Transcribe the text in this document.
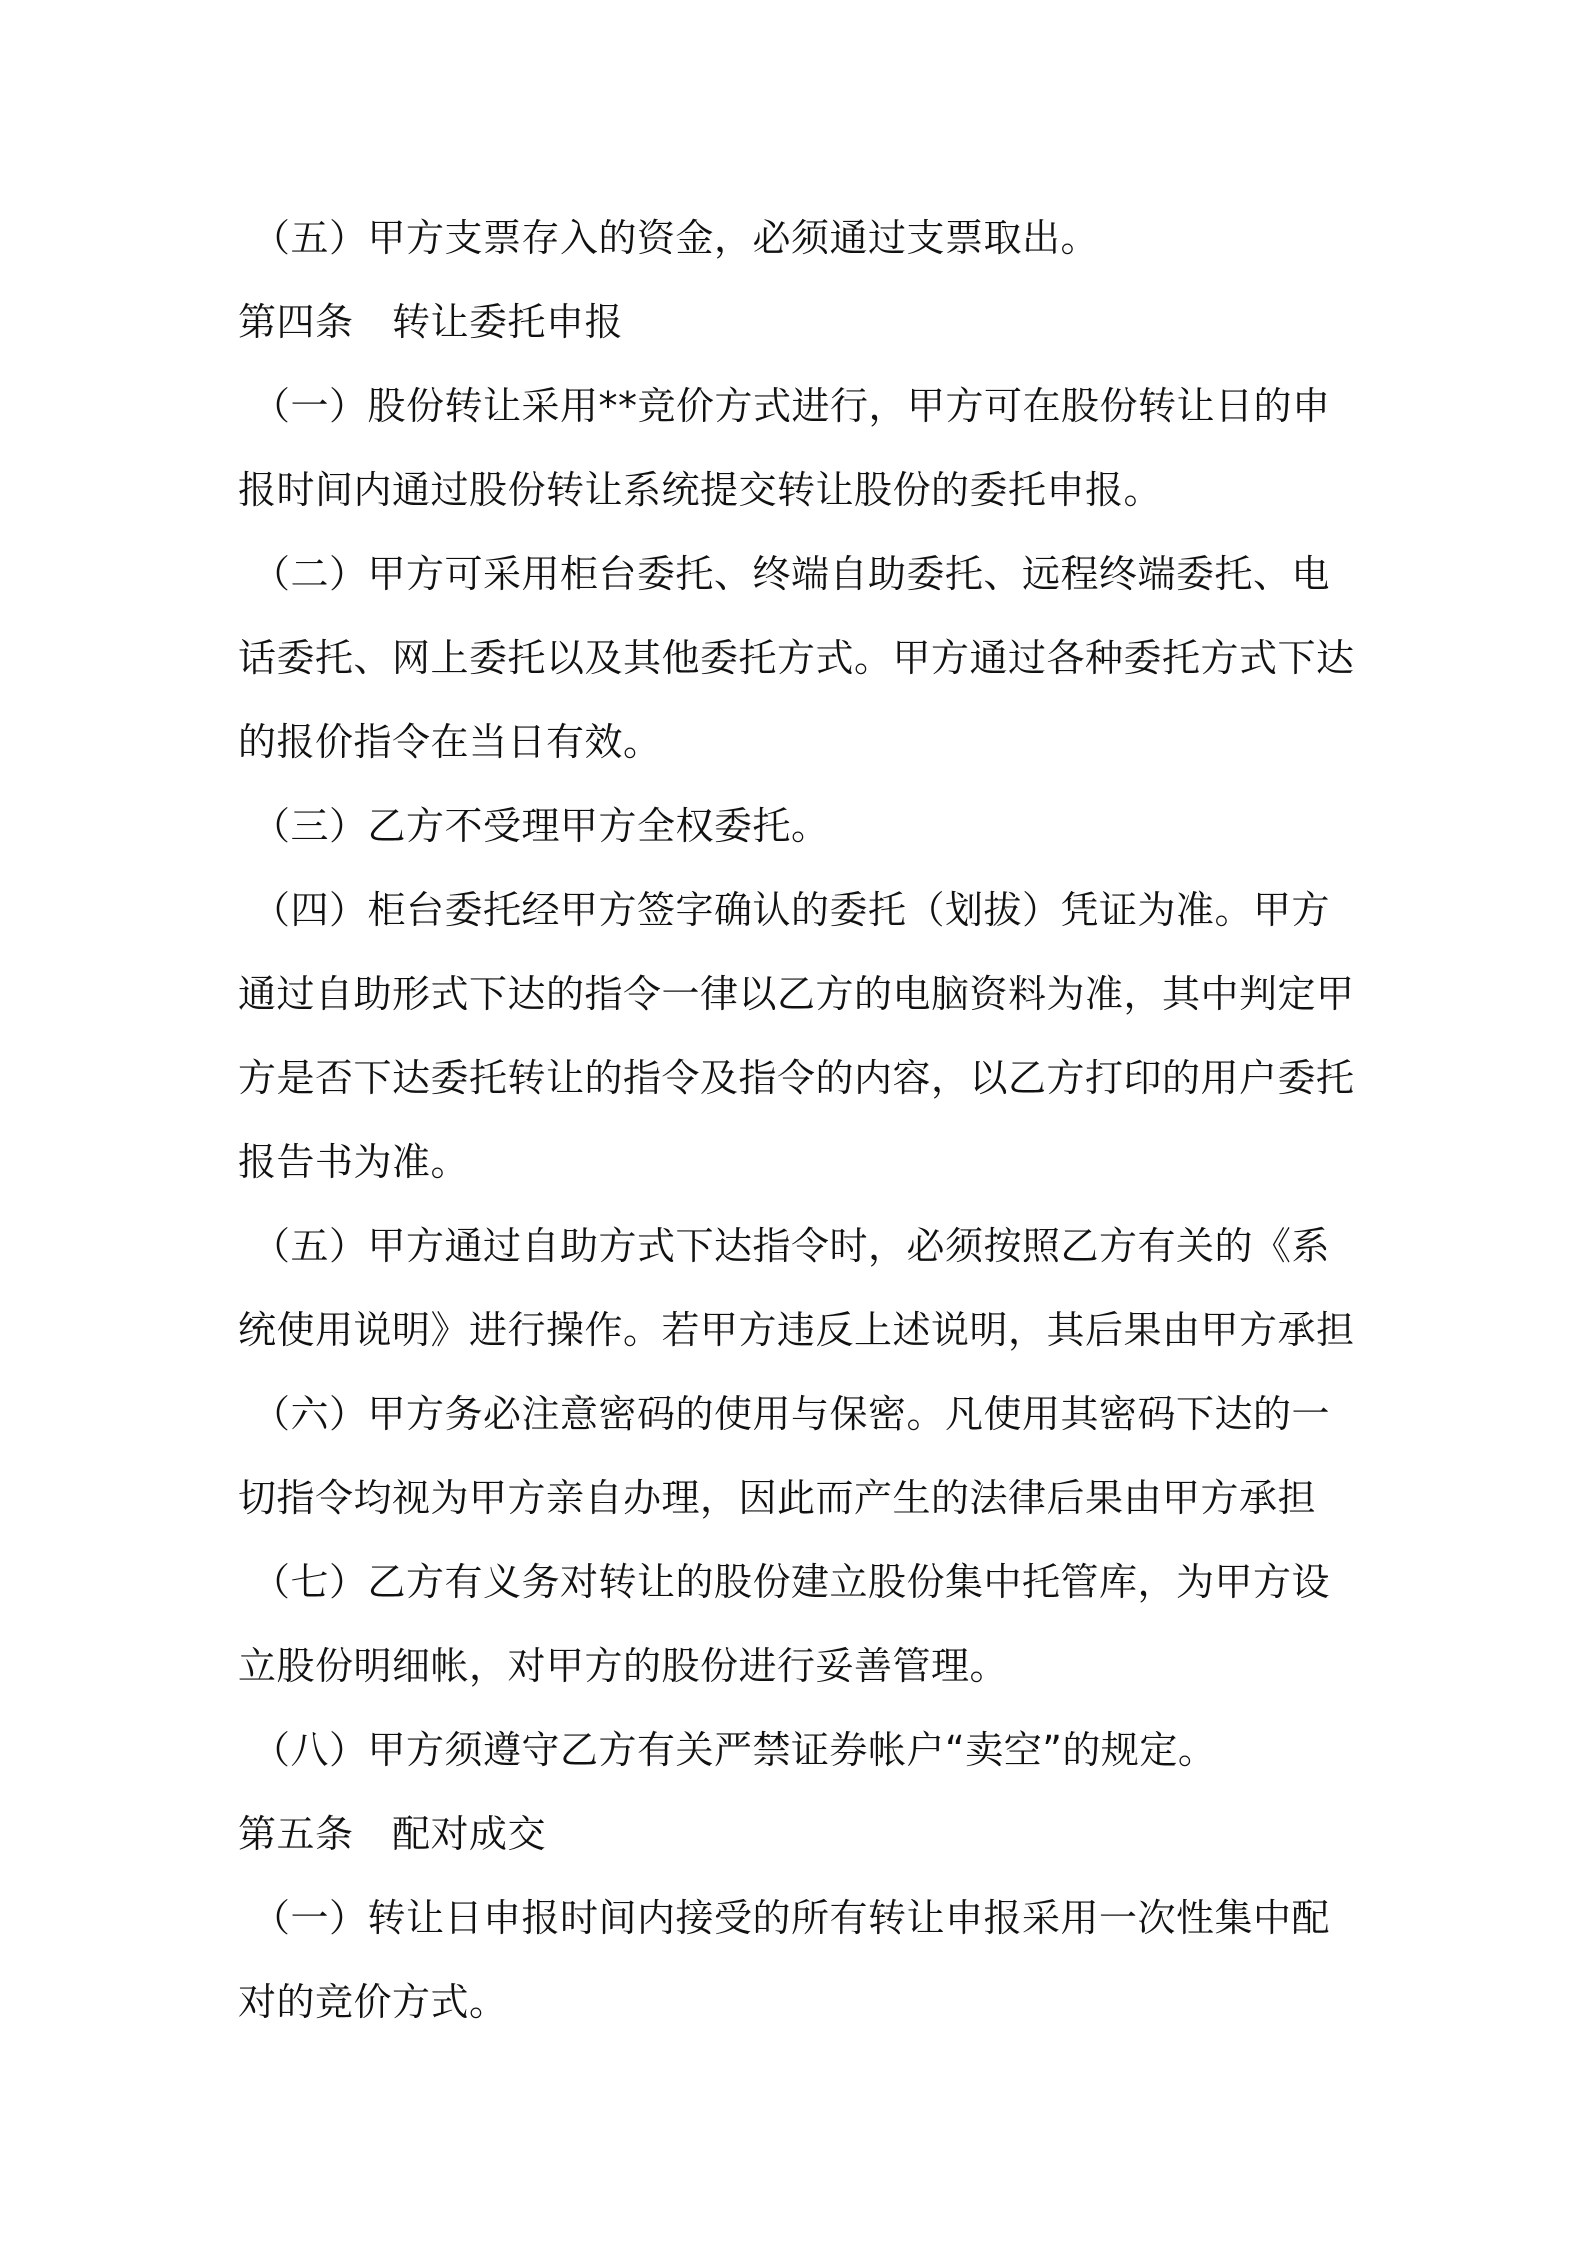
（五）甲方支票存入的资金，必须通过支票取出。

第四条　转让委托申报

（一）股份转让采用**竞价方式进行，甲方可在股份转让日的申报时间内通过股份转让系统提交转让股份的委托申报。

（二）甲方可采用柜台委托、终端自助委托、远程终端委托、电话委托、网上委托以及其他委托方式。甲方通过各种委托方式下达的报价指令在当日有效。

（三）乙方不受理甲方全权委托。

（四）柜台委托经甲方签字确认的委托（划拔）凭证为准。甲方通过自助形式下达的指令一律以乙方的电脑资料为准，其中判定甲方是否下达委托转让的指令及指令的内容，以乙方打印的用户委托报告书为准。

（五）甲方通过自助方式下达指令时，必须按照乙方有关的《系统使用说明》进行操作。若甲方违反上述说明，其后果由甲方承担

（六）甲方务必注意密码的使用与保密。凡使用其密码下达的一切指令均视为甲方亲自办理，因此而产生的法律后果由甲方承担

（七）乙方有义务对转让的股份建立股份集中托管库，为甲方设立股份明细帐，对甲方的股份进行妥善管理。

（八）甲方须遵守乙方有关严禁证券帐户“卖空”的规定。

第五条　配对成交

（一）转让日申报时间内接受的所有转让申报采用一次性集中配对的竞价方式。
